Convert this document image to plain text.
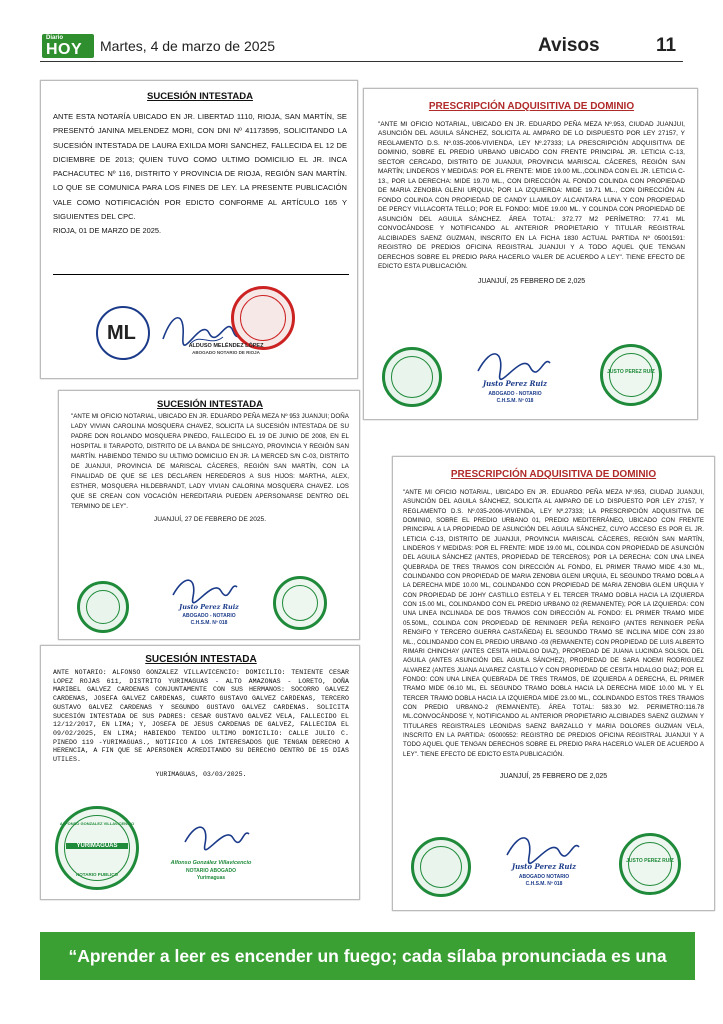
Diario
HOY Martes, 4 de marzo de 2025	Avisos	11
SUCESIÓN INTESTADA
ANTE ESTA NOTARÍA UBICADO EN JR. LIBERTAD 1110, RIOJA, SAN MARTÍN, SE PRESENTÓ JANINA MELENDEZ MORI, CON DNI Nº 41173595, SOLICITANDO LA SUCESIÓN INTESTADA DE LAURA EXILDA MORI SANCHEZ, FALLECIDA EL 12 DE DICIEMBRE DE 2013; QUIEN TUVO COMO ULTIMO DOMICILIO EL JR. INCA PACHACUTEC Nº 116, DISTRITO Y PROVINCIA DE RIOJA, REGIÓN SAN MARTÍN. LO QUE SE COMUNICA PARA LOS FINES DE LEY. LA PRESENTE PUBLICACIÓN VALE COMO NOTIFICACIÓN POR EDICTO CONFORME AL ARTÍCULO 165 Y SIGUIENTES DEL CPC.
RIOJA, 01 DE MARZO DE 2025.
ML
ALDUSO MELÉNDEZ LÓPEZ
ABOGADO NOTARIO DE RIOJA
PRESCRIPCIÓN ADQUISITIVA DE DOMINIO
"ANTE MI OFICIO NOTARIAL, UBICADO EN JR. EDUARDO PEÑA MEZA Nº.953, CIUDAD JUANJUI, ASUNCIÓN DEL AGUILA SÁNCHEZ, SOLICITA AL AMPARO DE LO DISPUESTO POR LEY 27157, Y REGLAMENTO D.S. Nº.035-2006-VIVIENDA, LEY Nº.27333; LA PRESCRIPCIÓN ADQUISITIVA DE DOMINIO, SOBRE EL PREDIO URBANO UBICADO CON FRENTE PRINCIPAL JR. LETICIA C-13, SECTOR CERCADO, DISTRITO DE JUANJUI, PROVINCIA MARISCAL CÁCERES, REGIÓN SAN MARTÍN; LINDEROS Y MEDIDAS: POR EL FRENTE: MIDE 19.00 ML.,COLINDA CON EL JR. LETICIA C-13., POR LA DERECHA: MIDE 19.70 ML., CON DIRECCIÓN AL FONDO COLINDA CON PROPIEDAD DE MARIA ZENOBIA GLENI URQUIA; POR LA IZQUIERDA: MIDE 19.71 ML., CON DIRECCIÓN AL FONDO COLINDA CON PROPIEDAD DE CANDY LLAMILOY ALCANTARA LUNA Y CON PROPIEDAD DE PERCY VILLACORTA TELLO; POR EL FONDO: MIDE 19.00 ML. Y COLINDA CON PROPIEDAD DE ASUNCIÓN DEL AGUILA SÁNCHEZ. ÁREA TOTAL: 372.77 M2 PERÍMETRO: 77.41 ML CONVOCÁNDOSE Y NOTIFICANDO AL ANTERIOR PROPIETARIO Y TITULAR REGISTRAL ALCIBIADES SAENZ GUZMAN, INSCRITO EN LA FICHA 1830 ACTUAL PARTIDA Nº 05001591: REGISTRO DE PREDIOS OFICINA REGISTRAL JUANJUI Y A TODO AQUEL QUE TENGAN DERECHOS SOBRE EL PREDIO PARA HACERLO VALER DE ACUERDO A LEY". TIENE EFECTO DE EDICTO ESTA PUBLICACIÓN.
JUANJUÍ, 25 FEBRERO DE 2,025
Justo Perez Ruiz
ABOGADO - NOTARIO
C.H.S.M. Nº 018
JUSTO PEREZ RUIZ
SUCESIÓN INTESTADA
"ANTE MI OFICIO NOTARIAL, UBICADO EN JR. EDUARDO PEÑA MEZA Nº 953 JUANJUI; DOÑA LADY VIVIAN CAROLINA MOSQUERA CHAVEZ, SOLICITA LA SUCESIÓN INTESTADA DE SU PADRE DON ROLANDO MOSQUERA PINEDO, FALLECIDO EL 19 DE JUNIO DE 2008, EN EL HOSPITAL II TARAPOTO, DISTRITO DE LA BANDA DE SHILCAYO, PROVINCIA Y REGIÓN SAN MARTÍN. HABIENDO TENIDO SU ULTIMO DOMICILIO EN JR. LA MERCED S/N C-03, DISTRITO DE JUANJUI, PROVINCIA DE MARISCAL CÁCERES, REGIÓN SAN MARTÍN, CON LA FINALIDAD DE QUE SE LES DECLAREN HEREDEROS A SUS HIJOS: MARTHA, ALEX, ESTHER, MOSQUERA HILDEBRANDT, LADY VIVIAN CALORINA MOSQUERA CHAVEZ. LOS QUE SE CREAN CON VOCACIÓN HEREDITARIA PUEDEN APERSONARSE DENTRO DEL TERMINO DE LEY".
JUANJUÍ, 27 DE FEBRERO DE 2025.
Justo Perez Ruiz
ABOGADO - NOTARIO
C.H.S.M. Nº 018
PRESCRIPCIÓN ADQUISITIVA DE DOMINIO
"ANTE MI OFICIO NOTARIAL, UBICADO EN JR. EDUARDO PEÑA MEZA Nº.953, CIUDAD JUANJUI, ASUNCIÓN DEL AGUILA SÁNCHEZ, SOLICITA AL AMPARO DE LO DISPUESTO POR LEY 27157, Y REGLAMENTO D.S. Nº.035-2006-VIVIENDA, LEY Nº.27333; LA PRESCRIPCIÓN ADQUISITIVA DE DOMINIO, SOBRE EL PREDIO URBANO 01, PREDIO MEDITERRÁNEO, UBICADO CON FRENTE PRINCIPAL A LA PROPIEDAD DE ASUNCIÓN DEL AGUILA SÁNCHEZ, CUYO ACCESO ES POR EL JR. LETICIA C-13, DISTRITO DE JUANJUI, PROVINCIA MARISCAL CÁCERES, REGIÓN SAN MARTÍN, LINDEROS Y MEDIDAS: POR EL FRENTE: MIDE 19.00 ML, COLINDA CON PROPIEDAD DE ASUNCIÓN DEL AGUILA SÁNCHEZ (ANTES, PROPIEDAD DE TERCEROS); POR LA DERECHA: CON UNA LINEA QUEBRADA DE TRES TRAMOS CON DIRECCIÓN AL FONDO, EL PRIMER TRAMO MIDE 4.30 ML, COLINDANDO CON PROPIEDAD DE MARIA ZENOBIA GLENI URQUIA, EL SEGUNDO TRAMO DOBLA A LA DERECHA MIDE 10.00 ML, COLINDANDO CON PROPIEDAD DE MARIA ZENOBIA GLENI URQUIA Y CON PROPIEDAD DE JOHY CASTILLO ESTELA Y EL TERCER TRAMO DOBLA HACIA LA IZQUIERDA CON 15.00 ML, COLINDANDO CON EL PREDIO URBANO 02 (REMANENTE); POR LA IZQUIERDA: CON UNA LINEA INCLINADA DE DOS TRAMOS CON DIRECCIÓN AL FONDO: EL PRIMER TRAMO MIDE 05.50ML, COLINDA CON PROPIEDAD DE RENINGER PEÑA RENGIFO (ANTES RENINGER PEÑA RENGIFO Y TERCERO GUERRA CASTAÑEDA) EL SEGUNDO TRAMO SE INCLINA MIDE CON 23.80 ML., COLINDANDO CON EL PREDIO URBANO -03 (REMANENTE) CON PROPIEDAD DE LUIS ALBERTO RIMARI CHINCHAY (ANTES CESITA HIDALGO DIAZ), PROPIEDAD DE JUANA LUCINDA SOLSOL DEL AGUILA (ANTES ASUNCIÓN DEL AGUILA SÁNCHEZ), PROPIEDAD DE SARA NOEMI RODRIGUEZ ALVAREZ (ANTES JUANA ALVAREZ CASTILLO Y CON PROPIEDAD DE CESITA HIDALGO DIAZ; POR EL FONDO: CON UNA LINEA QUEBRADA DE TRES TRAMOS, DE IZQUIERDA A DERECHA, EL PRIMER TRAMO MIDE 06.10 ML, EL SEGUNDO TRAMO DOBLA HACIA LA DERECHA MIDE 10.00 ML Y EL TERCER TRAMO DOBLA HACIA LA IZQUIERDA MIDE 23.00 ML., COLINDANDO ESTOS TRES TRAMOS CON PREDIO URBANO-2 (REMANENTE). ÁREA TOTAL: 583.30 M2. PERIMETRO:116.78 ML.CONVOCÁNDOSE Y, NOTIFICANDO AL ANTERIOR PROPIETARIO ALCIBIADES SAENZ GUZMAN Y TITULARES REGISTRALES LEONIDAS SAENZ BARZALLO Y MARIA DOLORES GUZMAN VELA, INSCRITO EN LA PARTIDA: 05000552: REGISTRO DE PREDIOS OFICINA REGISTRAL JUANJUI Y A TODO AQUEL QUE TENGAN DERECHOS SOBRE EL PREDIO PARA HACERLO VALER DE ACUERDO A LEY". TIENE EFECTO DE EDICTO ESTA PUBLICACIÓN.
JUANJUÍ, 25 FEBRERO DE 2,025
Justo Perez Ruiz
ABOGADO NOTARIO
C.H.S.M. Nº 018
JUSTO PEREZ RUIZ
SUCESIÓN INTESTADA
ANTE NOTARIO: ALFONSO GONZALEZ VILLAVICENCIO: DOMICILIO: TENIENTE CESAR LOPEZ ROJAS 611, DISTRITO YURIMAGUAS - ALTO AMAZONAS - LORETO, DOÑA MARIBEL GALVEZ CARDENAS CONJUNTAMENTE CON SUS HERMANOS: SOCORRO GALVEZ CARDENAS, JOSEFA GALVEZ CARDENAS, CUARTO GUSTAVO GALVEZ CARDENAS, TERCERO GUSTAVO GALVEZ CARDENAS Y SEGUNDO GUSTAVO GALVEZ CARDENAS. SOLICITA SUCESIÓN INTESTADA DE SUS PADRES: CESAR GUSTAVO GALVEZ VELA, FALLECIDO EL 12/12/2017, EN LIMA; Y, JOSEFA DE JESUS CARDENAS DE GALVEZ, FALLECIDA EL 09/02/2025, EN LIMA; HABIENDO TENIDO ULTIMO DOMICILIO: CALLE JULIO C. PINEDO 119 -YURIMAGUAS., NOTIFICO A LOS INTERESADOS QUE TENGAN DERECHO A HERENCIA, A FIN QUE SE APERSONEN ACREDITANDO SU DERECHO DENTRO DE 15 DIAS UTILES.
YURIMAGUAS, 03/03/2025.
ALFONSO GONZALEZ VILLAVICENCIO
YURIMAGUAS
NOTARIO PUBLICO
Alfonso González Villavicencio
NOTARIO ABOGADO
Yurimaguas
“Aprender a leer es encender un fuego; cada sílaba pronunciada es una chispa”.
